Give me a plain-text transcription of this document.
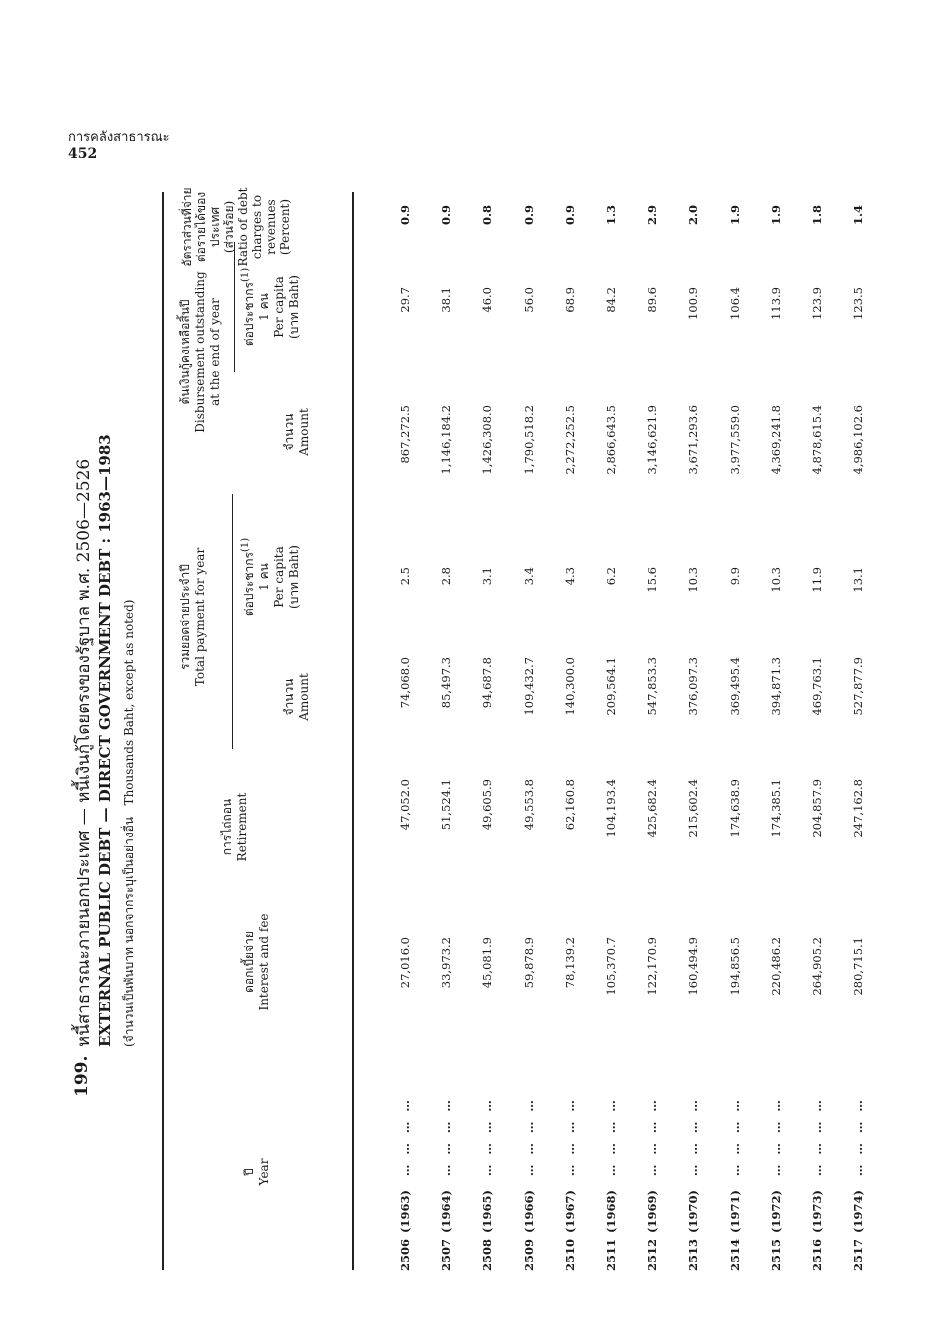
การคลังสาธารณะ
452
199.
หนี้สาธารณะภายนอกประเทศ — หนี้เงินกู้โดยตรงของรัฐบาล พ.ศ. 2506—2526 EXTERNAL PUBLIC DEBT — DIRECT GOVERNMENT DEBT : 1963—1983 (จำนวนเป็นพันบาท นอกจากระบุเป็นอย่างอื่น   Thousands Baht, except as noted)
ปี Year
ดอกเบี้ยจ่าย Interest and fee
การไถ่ถอน Retirement
รวมยอดจ่ายประจำปี Total payment for year
จำนวน Amount
ต่อประชากร$^{(1)}$
1 คน Per capita (บาท Baht)
ต้นเงินกู้คงเหลือสิ้นปี Disbursement outstanding at the end of year
จำนวน Amount
ต่อประชากร$^{(1)}$
1 คน Per capita (บาท Baht)
อัตราส่วนที่จ่าย ต่อรายได้ของ ประเทศ (ส่วนร้อย) Ratio of debt charges to revenues (Percent)
2506(1963)… … … …
27,016.0
47,052.0
74,068.0
2.5
867,272.5
29.7
0.9
2507(1964)… … … …
33,973.2
51,524.1
85,497.3
2.8
1,146,184.2
38.1
0.9
2508(1965)… … … …
45,081.9
49,605.9
94,687.8
3.1
1,426,308.0
46.0
0.8
2509(1966)… … … …
59,878.9
49,553.8
109,432.7
3.4
1,790,518.2
56.0
0.9
2510(1967)… … … …
78,139.2
62,160.8
140,300.0
4.3
2,272,252.5
68.9
0.9
2511(1968)… … … …
105,370.7
104,193.4
209,564.1
6.2
2,866,643.5
84.2
1.3
2512(1969)… … … …
122,170.9
425,682.4
547,853.3
15.6
3,146,621.9
89.6
2.9
2513(1970)… … … …
160,494.9
215,602.4
376,097.3
10.3
3,671,293.6
100.9
2.0
2514(1971)… … … …
194,856.5
174,638.9
369,495.4
9.9
3,977,559.0
106.4
1.9
2515(1972)… … … …
220,486.2
174,385.1
394,871.3
10.3
4,369,241.8
113.9
1.9
2516(1973)… … … …
264,905.2
204,857.9
469,763.1
11.9
4,878,615.4
123.9
1.8
2517(1974)… … … …
280,715.1
247,162.8
527,877.9
13.1
4,986,102.6
123.5
1.4
